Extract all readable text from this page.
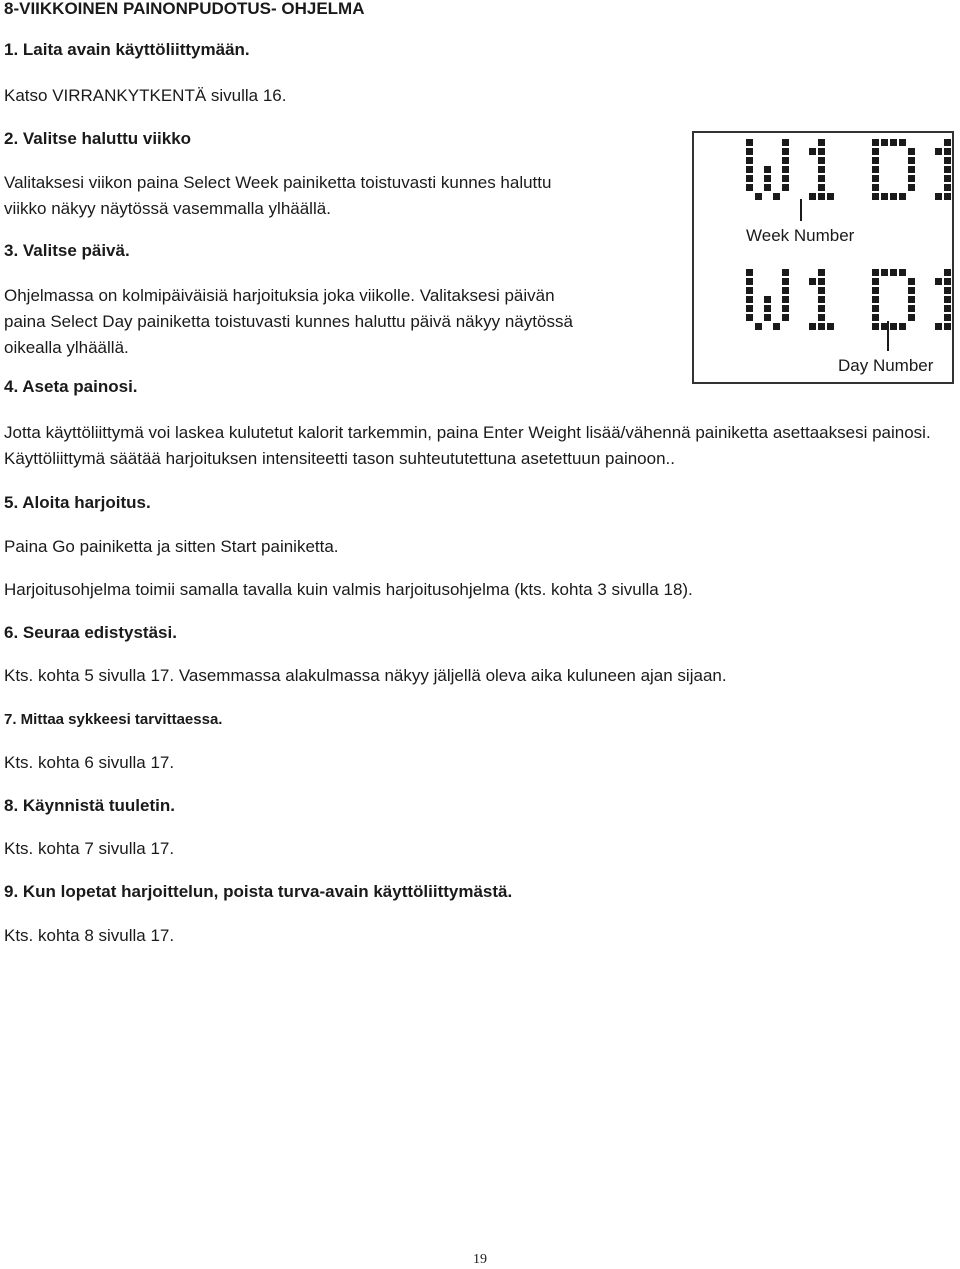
8-VIIKKOINEN PAINONPUDOTUS- OHJELMA

1. Laita avain käyttöliittymään.

Katso VIRRANKYTKENTÄ sivulla 16.

2. Valitse haluttu viikko

Valitaksesi viikon paina Select Week painiketta toistuvasti kunnes haluttu

viikko näkyy näytössä vasemmalla ylhäällä.

3. Valitse päivä.

Ohjelmassa on kolmipäiväisiä harjoituksia joka viikolle. Valitaksesi päivän

paina Select Day painiketta toistuvasti kunnes haluttu päivä näkyy näytössä

oikealla ylhäällä.

4. Aseta painosi.

Jotta käyttöliittymä voi laskea kulutetut kalorit tarkemmin, paina Enter Weight lisää/vähennä painiketta asettaaksesi painosi. Käyttöliittymä säätää harjoituksen intensiteetti tason suhteututettuna asetettuun painoon..

5. Aloita harjoitus.

Paina Go painiketta ja sitten Start painiketta.

Harjoitusohjelma toimii samalla tavalla kuin valmis harjoitusohjelma (kts. kohta 3 sivulla 18).

6. Seuraa edistystäsi.

Kts. kohta 5 sivulla 17. Vasemmassa alakulmassa näkyy jäljellä oleva aika kuluneen ajan sijaan.

7. Mittaa sykkeesi tarvittaessa.

Kts. kohta 6 sivulla 17.

8. Käynnistä tuuletin.

Kts. kohta 7 sivulla 17.

9. Kun lopetat harjoittelun, poista turva-avain käyttöliittymästä.

Kts. kohta 8 sivulla 17.

Week Number
Day Number
19
